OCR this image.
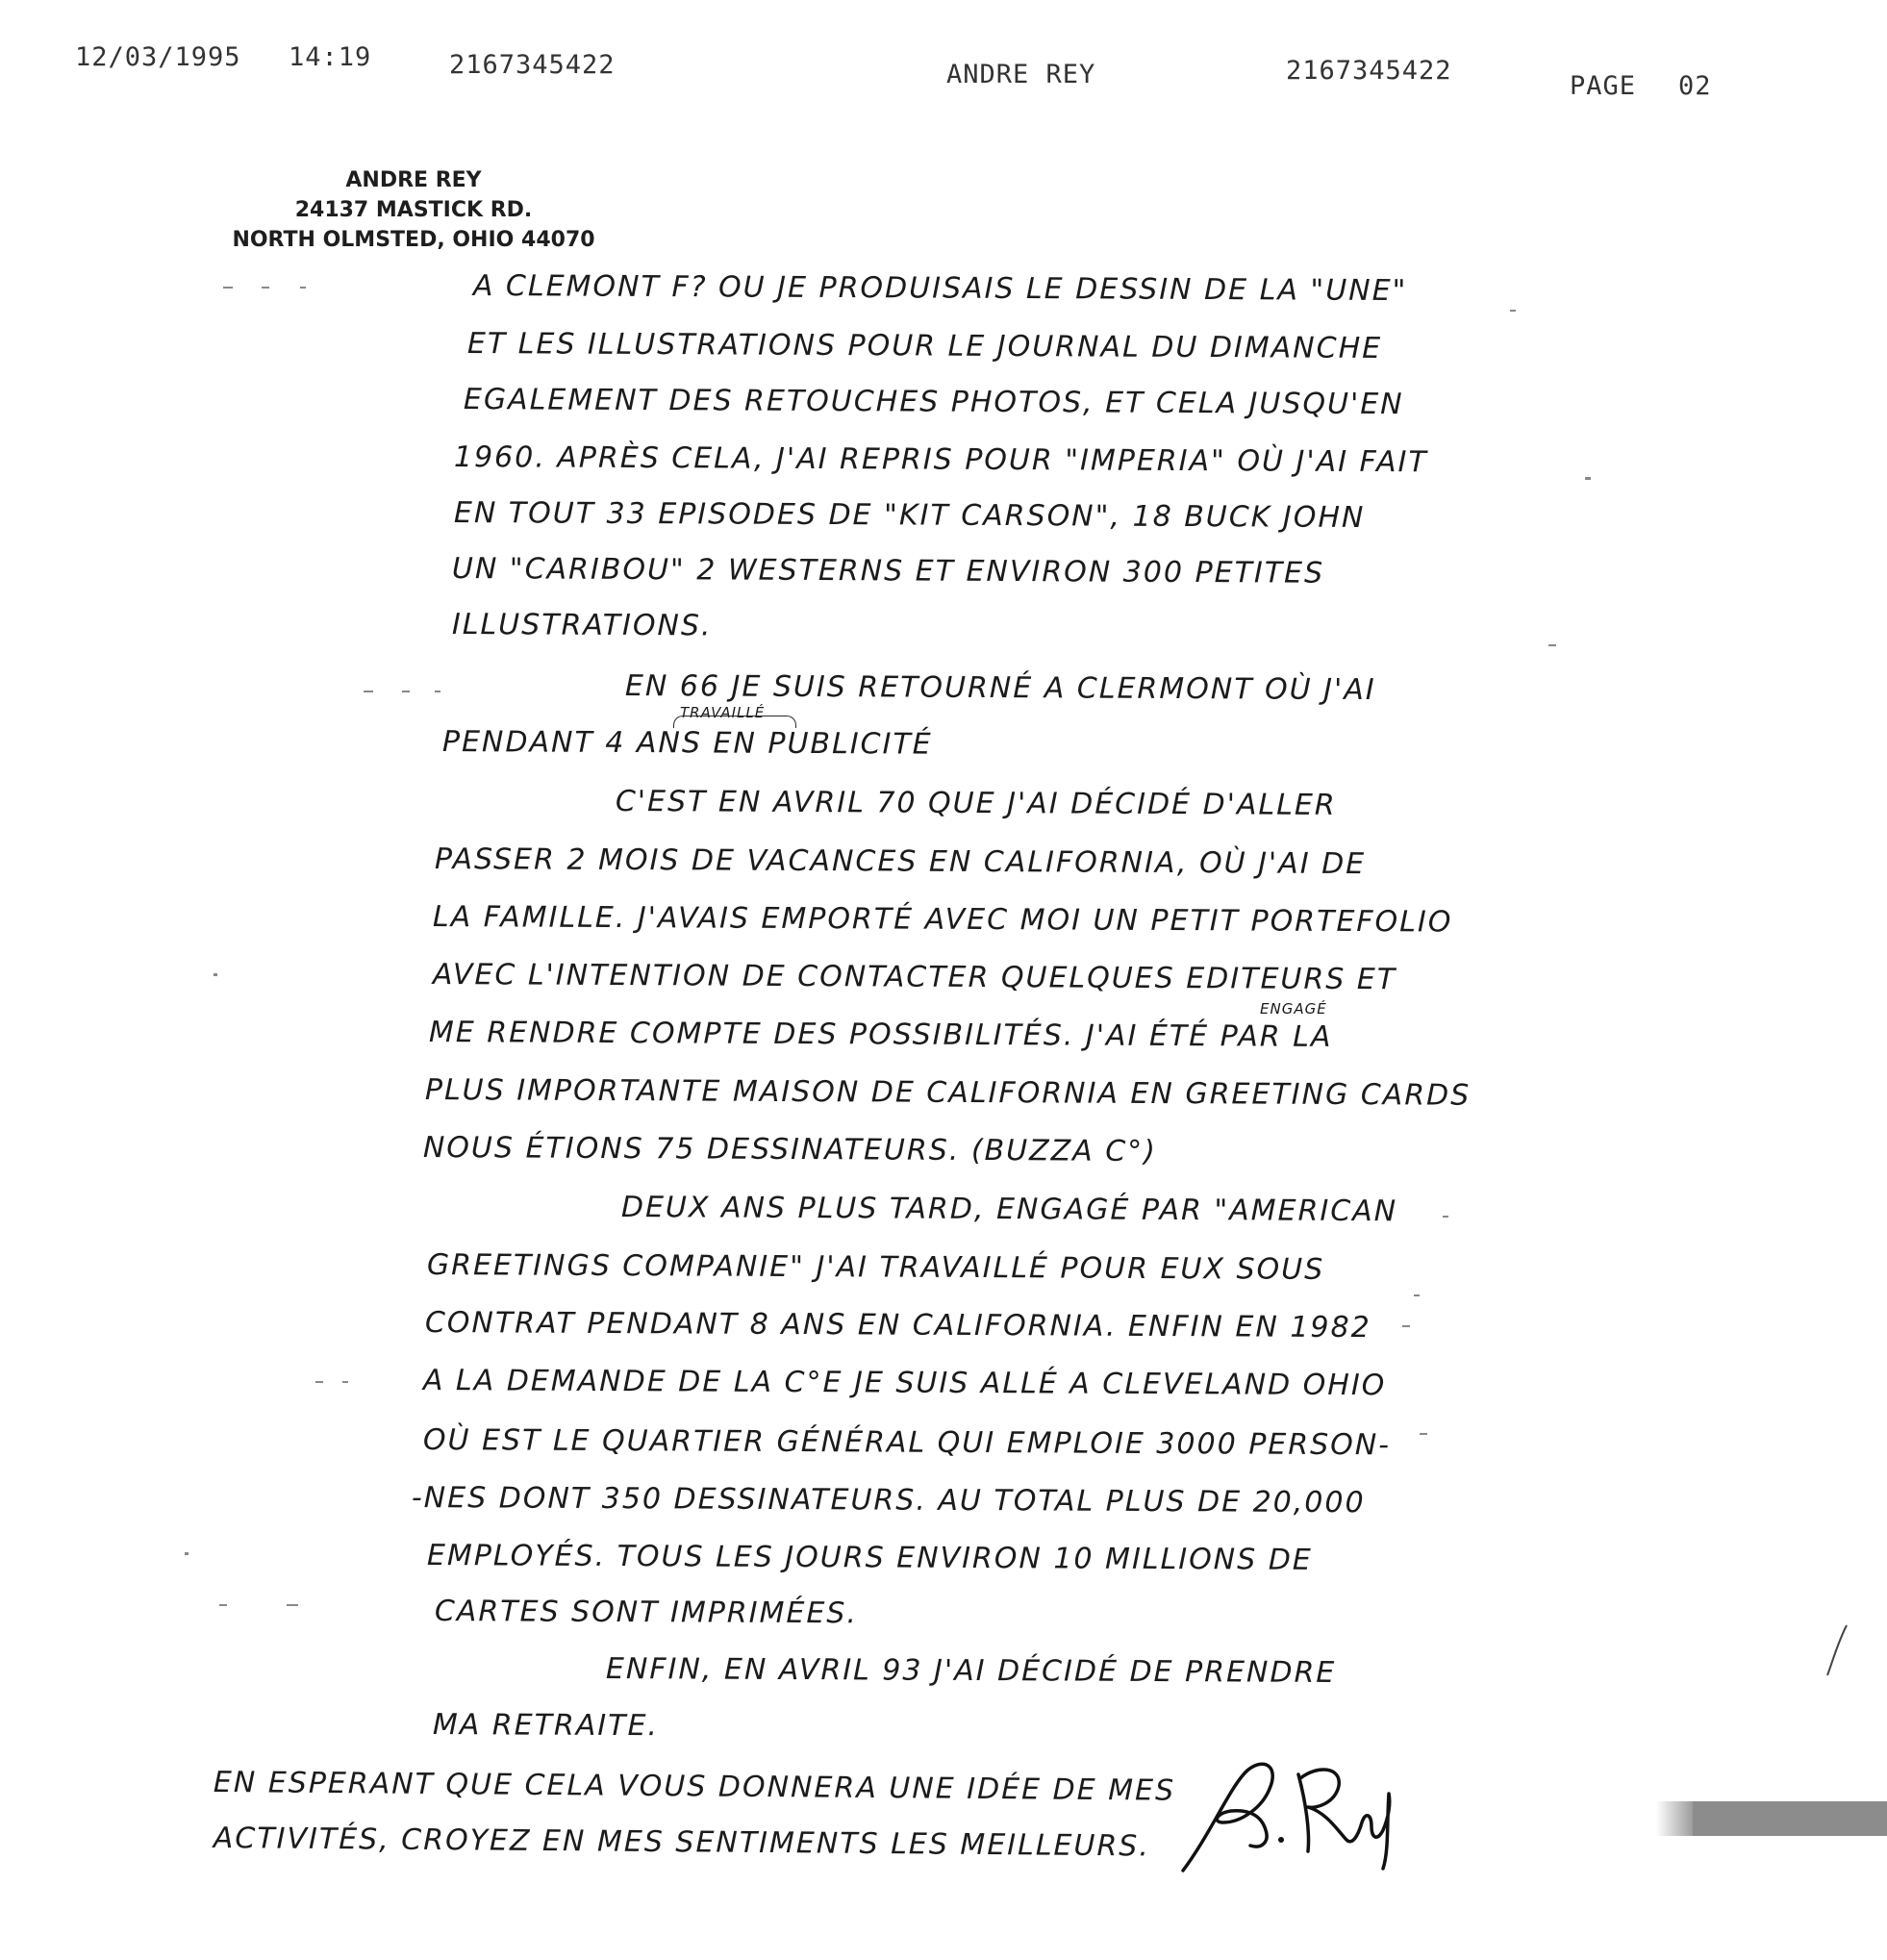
12/03/1995 14:19	2167345422	ANDRE REY	2167345422
PAGE 02
ANDRE REY
24137 MASTICK RD.
NORTH OLMSTED, OHIO 44070
A CLEMONT F? OU JE PRODUISAIS LE DESSIN DE LA "UNE"
ET LES ILLUSTRATIONS POUR LE JOURNAL DU DIMANCHE
EGALEMENT DES RETOUCHES PHOTOS, ET CELA JUSQU'EN
1960. APRÈS CELA, J'AI REPRIS POUR "IMPERIA" OÙ J'AI FAIT
EN TOUT 33 EPISODES DE "KIT CARSON", 18 BUCK JOHN
UN "CARIBOU" 2 WESTERNS ET ENVIRON 300 PETITES
ILLUSTRATIONS.
EN 66 JE SUIS RETOURNÉ A CLERMONT OÙ J'AI
PENDANT 4 ANS EN PUBLICITÉ
C'EST EN AVRIL 70 QUE J'AI DÉCIDÉ D'ALLER
PASSER 2 MOIS DE VACANCES EN CALIFORNIA, OÙ J'AI DE
LA FAMILLE. J'AVAIS EMPORTÉ AVEC MOI UN PETIT PORTEFOLIO
AVEC L'INTENTION DE CONTACTER QUELQUES EDITEURS ET
ME RENDRE COMPTE DES POSSIBILITÉS. J'AI ÉTÉ PAR LA
PLUS IMPORTANTE MAISON DE CALIFORNIA EN GREETING CARDS
NOUS ÉTIONS 75 DESSINATEURS. (BUZZA C°)
DEUX ANS PLUS TARD, ENGAGÉ PAR "AMERICAN
GREETINGS COMPANIE" J'AI TRAVAILLÉ POUR EUX SOUS
CONTRAT PENDANT 8 ANS EN CALIFORNIA. ENFIN EN 1982
A LA DEMANDE DE LA C°E JE SUIS ALLÉ A CLEVELAND OHIO
OÙ EST LE QUARTIER GÉNÉRAL QUI EMPLOIE 3000 PERSON-
-NES DONT 350 DESSINATEURS. AU TOTAL PLUS DE 20,000
EMPLOYÉS. TOUS LES JOURS ENVIRON 10 MILLIONS DE
CARTES SONT IMPRIMÉES.
ENFIN, EN AVRIL 93 J'AI DÉCIDÉ DE PRENDRE
MA RETRAITE.
EN ESPERANT QUE CELA VOUS DONNERA UNE IDÉE DE MES
ACTIVITÉS, CROYEZ EN MES SENTIMENTS LES MEILLEURS.
TRAVAILLÉ
ENGAGÉ
